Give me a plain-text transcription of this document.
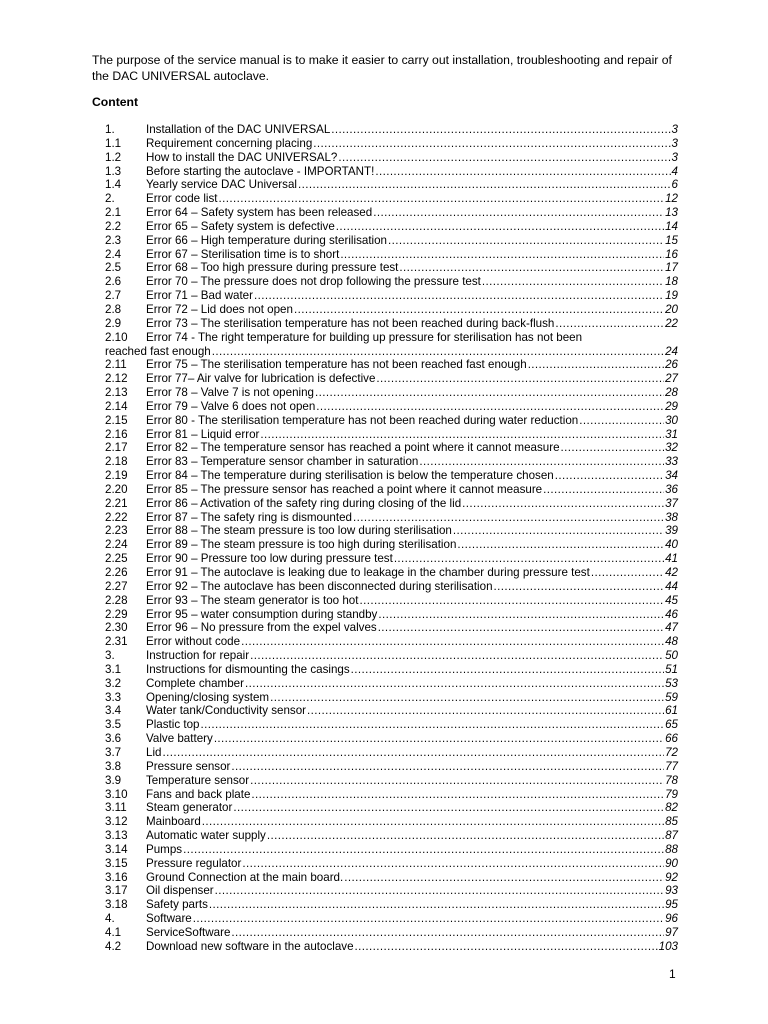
The purpose of the service manual is to make it easier to carry out installation, troubleshooting and repair of the DAC UNIVERSAL autoclave.
Content
1.	Installation of the DAC UNIVERSAL .....	3
1.1	Requirement concerning placing .....	3
1.2	How to install the DAC UNIVERSAL? .....	3
1.3	Before starting the autoclave - IMPORTANT! .....	4
1.4	Yearly service DAC Universal .....	6
2.	Error code list .....	12
2.1	Error 64 – Safety system has been released .....	13
2.2	Error 65 – Safety system is defective .....	14
2.3	Error 66 – High temperature during sterilisation .....	15
2.4	Error 67 – Sterilisation time is to short .....	16
2.5	Error 68 – Too high pressure during pressure test .....	17
2.6	Error 70 – The pressure does not drop following the pressure test .....	18
2.7	Error 71 – Bad water .....	19
2.8	Error 72 – Lid does not open .....	20
2.9	Error 73 – The sterilisation temperature has not been reached during back-flush .....	22
2.10	Error 74 - The right temperature for building up pressure for sterilisation has not been
reached fast enough .....	24
2.11	Error 75 – The sterilisation temperature has not been reached fast enough .....	26
2.12	Error 77– Air valve for lubrication is defective .....	27
2.13	Error 78 – Valve 7 is not opening .....	28
2.14	Error 79 – Valve 6 does not open .....	29
2.15	Error 80 - The sterilisation temperature has not been reached during water reduction .....	30
2.16	Error 81 – Liquid error .....	31
2.17	Error 82 – The temperature sensor has reached a point where it cannot measure .....	32
2.18	Error 83 – Temperature sensor chamber in saturation .....	33
2.19	Error 84 – The temperature during sterilisation is below the temperature chosen .....	34
2.20	Error 85 – The pressure sensor has reached a point where it cannot measure .....	36
2.21	Error 86 – Activation of the safety ring during closing of the lid .....	37
2.22	Error 87 – The safety ring is dismounted .....	38
2.23	Error 88 – The steam pressure is too low during sterilisation .....	39
2.24	Error 89 – The steam pressure is too high during sterilisation .....	40
2.25	Error 90 – Pressure too low during pressure test .....	41
2.26	Error 91 – The autoclave is leaking due to leakage in the chamber during pressure test .....	42
2.27	Error 92 – The autoclave has been disconnected during sterilisation .....	44
2.28	Error 93 – The steam generator is too hot .....	45
2.29	Error 95 – water consumption during standby .....	46
2.30	Error 96 – No pressure from the expel valves .....	47
2.31	Error without code .....	48
3.	Instruction for repair .....	50
3.1	Instructions for dismounting the casings .....	51
3.2	Complete chamber .....	53
3.3	Opening/closing system .....	59
3.4	Water tank/Conductivity sensor .....	61
3.5	Plastic top .....	65
3.6	Valve battery .....	66
3.7	Lid .....	72
3.8	Pressure sensor .....	77
3.9	Temperature sensor .....	78
3.10	Fans and back plate .....	79
3.11	Steam generator .....	82
3.12	Mainboard .....	85
3.13	Automatic water supply .....	87
3.14	Pumps .....	88
3.15	Pressure regulator .....	90
3.16	Ground Connection at the main board. .....	92
3.17	Oil dispenser .....	93
3.18	Safety parts .....	95
4.	Software .....	96
4.1	ServiceSoftware .....	97
4.2	Download new software in the autoclave .....	103
1
